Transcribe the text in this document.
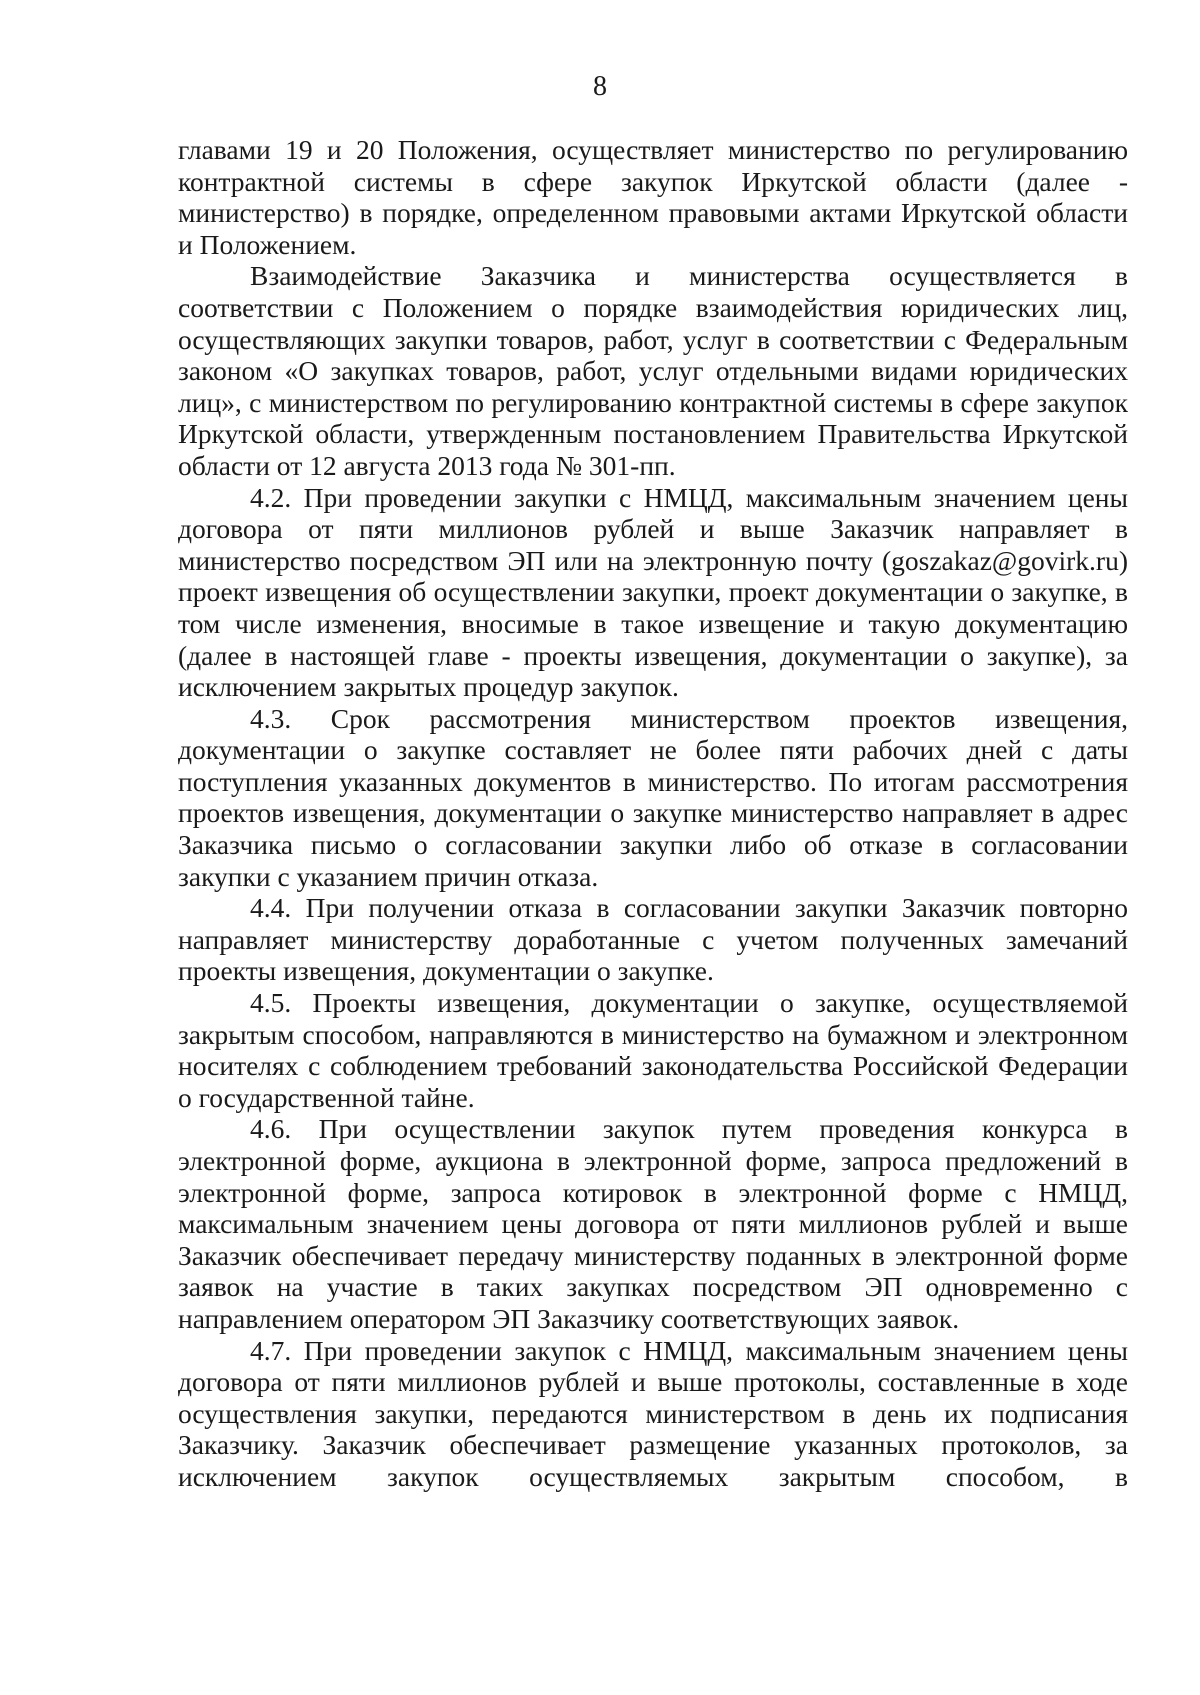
8

главами 19 и 20 Положения, осуществляет министерство по регулированию контрактной системы в сфере закупок Иркутской области (далее - министерство) в порядке, определенном правовыми актами Иркутской области и Положением.

Взаимодействие Заказчика и министерства осуществляется в соответствии с Положением о порядке взаимодействия юридических лиц, осуществляющих закупки товаров, работ, услуг в соответствии с Федеральным законом «О закупках товаров, работ, услуг отдельными видами юридических лиц», с министерством по регулированию контрактной системы в сфере закупок Иркутской области, утвержденным постановлением Правительства Иркутской области от 12 августа 2013 года № 301-пп.

4.2. При проведении закупки с НМЦД, максимальным значением цены договора от пяти миллионов рублей и выше Заказчик направляет в министерство посредством ЭП или на электронную почту (goszakaz@govirk.ru) проект извещения об осуществлении закупки, проект документации о закупке, в том числе изменения, вносимые в такое извещение и такую документацию (далее в настоящей главе - проекты извещения, документации о закупке), за исключением закрытых процедур закупок.

4.3. Срок рассмотрения министерством проектов извещения, документации о закупке составляет не более пяти рабочих дней с даты поступления указанных документов в министерство. По итогам рассмотрения проектов извещения, документации о закупке министерство направляет в адрес Заказчика письмо о согласовании закупки либо об отказе в согласовании закупки с указанием причин отказа.

4.4. При получении отказа в согласовании закупки Заказчик повторно направляет министерству доработанные с учетом полученных замечаний проекты извещения, документации о закупке.

4.5. Проекты извещения, документации о закупке, осуществляемой закрытым способом, направляются в министерство на бумажном и электронном носителях с соблюдением требований законодательства Российской Федерации о государственной тайне.

4.6. При осуществлении закупок путем проведения конкурса в электронной форме, аукциона в электронной форме, запроса предложений в электронной форме, запроса котировок в электронной форме с НМЦД, максимальным значением цены договора от пяти миллионов рублей и выше Заказчик обеспечивает передачу министерству поданных в электронной форме заявок на участие в таких закупках посредством ЭП одновременно с направлением оператором ЭП Заказчику соответствующих заявок.

4.7. При проведении закупок с НМЦД, максимальным значением цены договора от пяти миллионов рублей и выше протоколы, составленные в ходе осуществления закупки, передаются министерством в день их подписания Заказчику. Заказчик обеспечивает размещение указанных протоколов, за исключением закупок осуществляемых закрытым способом, в
